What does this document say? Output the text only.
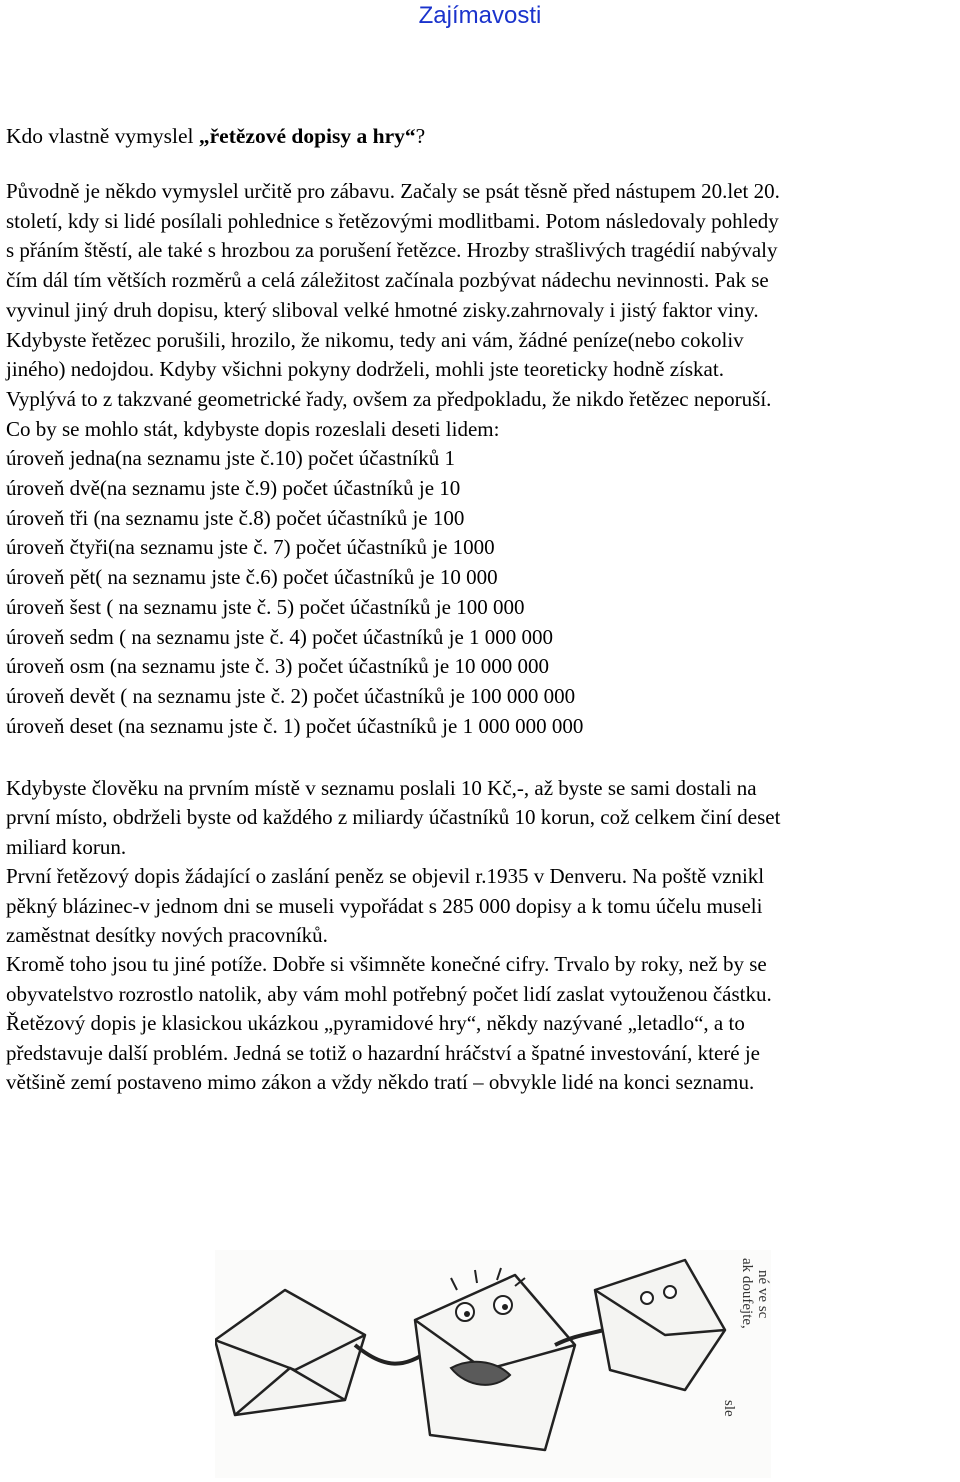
Zajímavosti
Kdo vlastně vymyslel „řetězové dopisy a hry“?
Původně je někdo vymyslel určitě pro zábavu. Začaly se psát těsně před nástupem 20.let 20.
století, kdy si lidé posílali pohlednice s řetězovými modlitbami. Potom následovaly pohledy
s přáním štěstí, ale také s hrozbou za porušení řetězce. Hrozby strašlivých tragédií nabývaly
čím dál tím větších rozměrů a celá záležitost začínala pozbývat nádechu nevinnosti. Pak se
vyvinul jiný druh dopisu, který sliboval velké hmotné zisky.zahrnovaly i jistý faktor viny.
Kdybyste řetězec porušili, hrozilo, že nikomu, tedy ani vám, žádné peníze(nebo cokoliv
jiného) nedojdou. Kdyby všichni pokyny dodrželi, mohli jste teoreticky hodně získat.
Vyplývá to z takzvané geometrické řady, ovšem za předpokladu, že nikdo řetězec neporuší.
Co by se mohlo stát, kdybyste dopis rozeslali deseti lidem:
úroveň jedna(na seznamu jste č.10) počet účastníků 1
úroveň dvě(na seznamu jste č.9) počet účastníků je 10
úroveň tři (na seznamu jste č.8) počet účastníků je 100
úroveň čtyři(na seznamu jste č. 7) počet účastníků je 1000
úroveň pět( na seznamu jste č.6) počet účastníků je 10 000
úroveň šest ( na seznamu jste č. 5) počet účastníků je 100 000
úroveň sedm ( na seznamu jste č. 4) počet účastníků je 1 000 000
úroveň osm (na seznamu jste č. 3) počet účastníků je 10 000 000
úroveň devět ( na seznamu jste č. 2) počet účastníků je 100 000 000
úroveň deset (na seznamu jste č. 1) počet účastníků je 1 000 000 000
Kdybyste člověku na prvním místě v seznamu poslali 10 Kč,-, až byste se sami dostali na
první místo, obdrželi byste od každého z miliardy účastníků 10 korun, což celkem činí deset
miliard korun.
První řetězový dopis žádající o zaslání peněz se objevil r.1935 v Denveru. Na poště vznikl
pěkný blázinec-v jednom dni se museli vypořádat s 285 000 dopisy a k tomu účelu museli
zaměstnat desítky nových pracovníků.
Kromě toho jsou tu jiné potíže. Dobře si všimněte konečné cifry. Trvalo by roky, než by se
obyvatelstvo rozrostlo natolik, aby vám mohl potřebný počet lidí zaslat vytouženou částku.
Řetězový dopis je klasickou ukázkou „pyramidové hry“, někdy nazývané „letadlo“, a to
představuje další problém. Jedná se totiž o hazardní hráčství a špatné investování, které je
většině zemí postaveno mimo zákon a vždy někdo tratí – obvykle lidé na konci seznamu.
ak doufejte, né ve sc
sle
